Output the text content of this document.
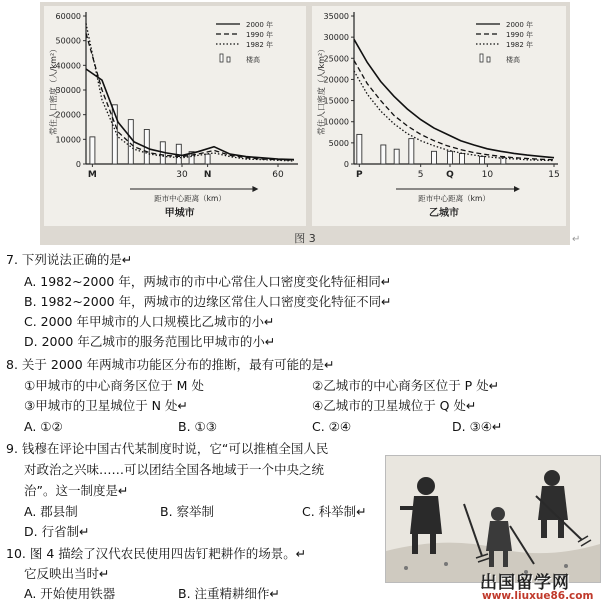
0
10000
20000
30000
40000
50000
60000
M	30 N	60
距市中心距离（km）
甲城市
常住人口密度（人/km²）
2000 年
1990 年
1982 年
楼高
0
5000
10000
15000
20000
25000
30000
35000
P	5	Q	10	15
距市中心距离（km）
乙城市
常住人口密度（人/km²）
2000 年
1990 年
1982 年
楼高
图 3	↵
7. 下列说法正确的是↵
A. 1982~2000 年，两城市的市中心常住人口密度变化特征相同↵
B. 1982~2000 年，两城市的边缘区常住人口密度变化特征不同↵
C. 2000 年甲城市的人口规模比乙城市的小↵
D. 2000 年乙城市的服务范围比甲城市的小↵
8. 关于 2000 年两城市功能区分布的推断，最有可能的是↵
①甲城市的中心商务区位于 M 处	②乙城市的中心商务区位于 P 处↵
③甲城市的卫星城位于 N 处↵	④乙城市的卫星城位于 Q 处↵
A. ①②	B. ①③	C. ②④	D. ③④↵
9. 钱穆在评论中国古代某制度时说，它“可以推植全国人民
对政治之兴味……可以团结全国各地域于一个中央之统
治”。这一制度是↵
A. 郡县制	B. 察举制	C. 科举制↵
D. 行省制↵
10. 图 4 描绘了汉代农民使用四齿钉耙耕作的场景。↵
它反映出当时↵
A. 开始使用铁器	B. 注重精耕细作↵
出国留学网
www.liuxue86.com
